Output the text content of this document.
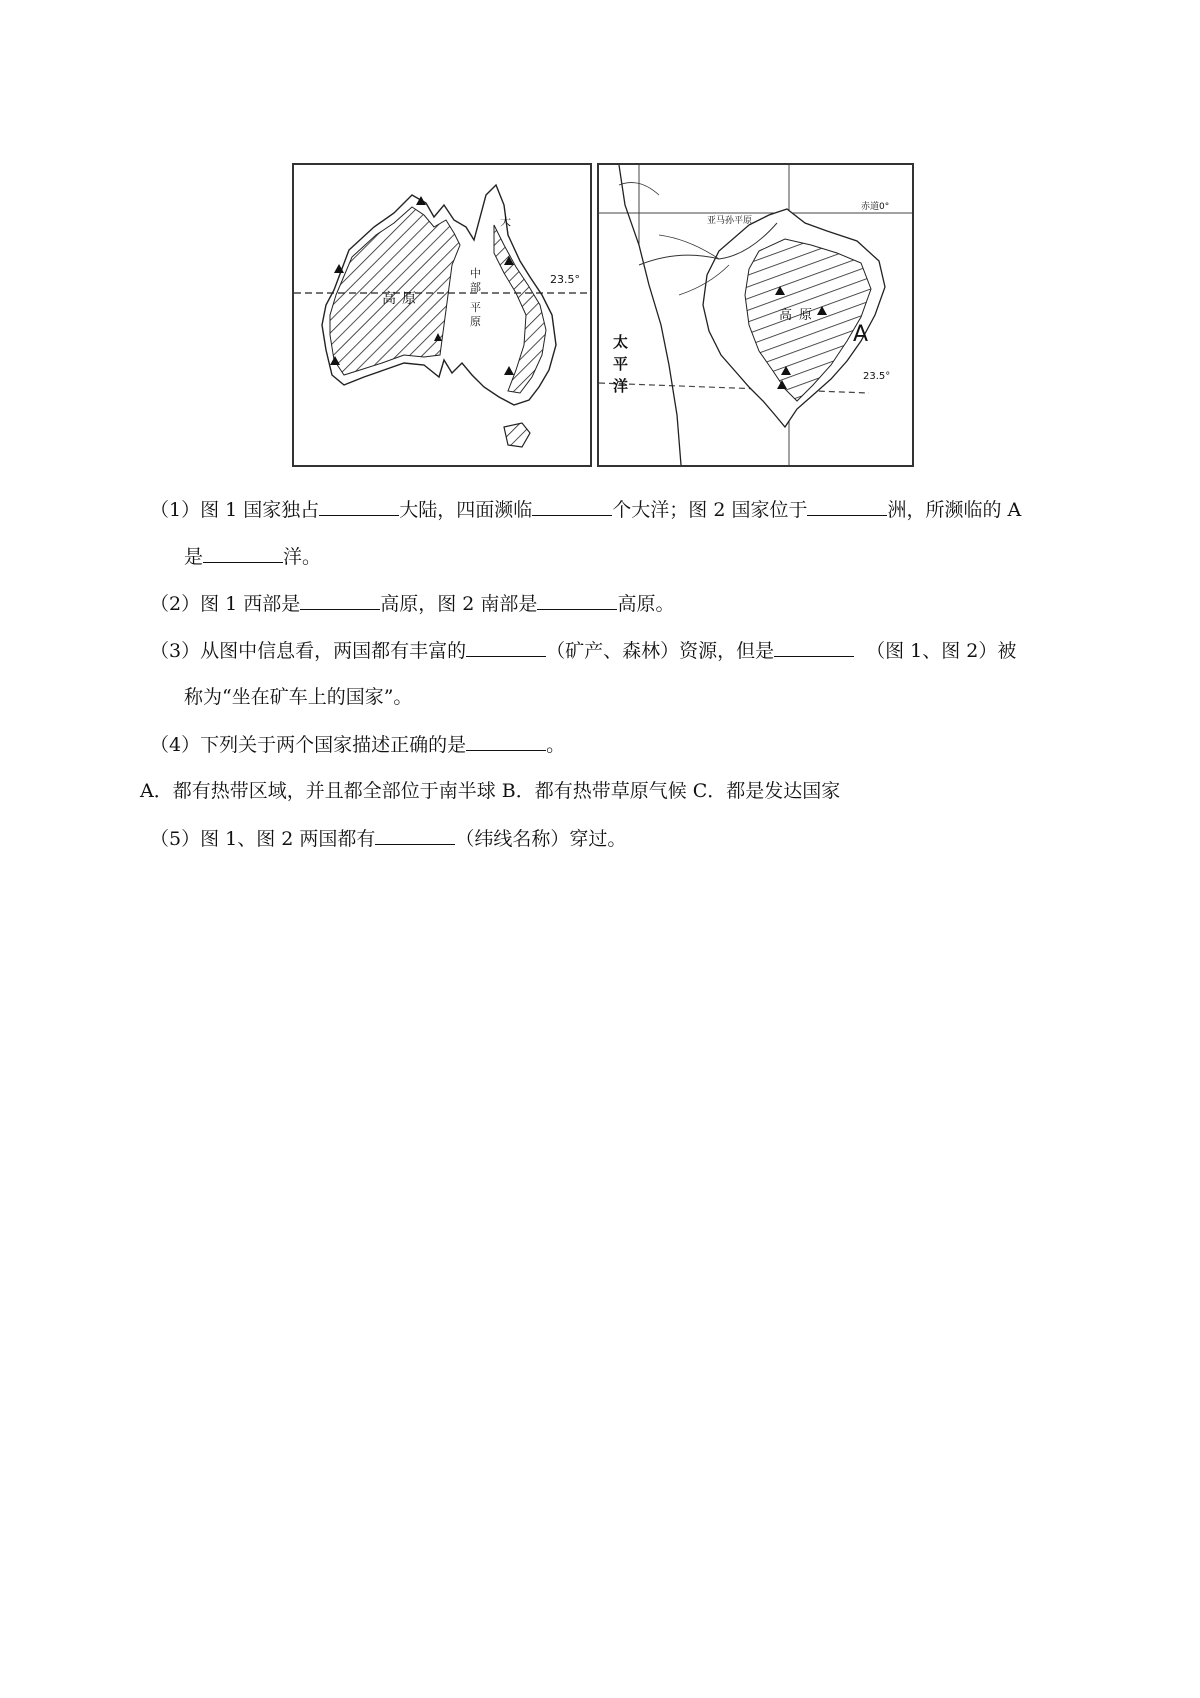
高 原
23.5°
中
部
平
原
大
赤道0°
亚马孙平原
高 原
A
太
平
洋
23.5°
（1）图 1 国家独占	大陆，四面濒临	个大洋；图 2 国家位于	洲，所濒临的 A
是	洋。
（2）图 1 西部是	高原，图 2 南部是	高原。
（3）从图中信息看，两国都有丰富的	（矿产、森林）资源，但是	（图 1、图 2）被
称为“坐在矿车上的国家”。
（4）下列关于两个国家描述正确的是	。
A．都有热带区域，并且都全部位于南半球 B．都有热带草原气候 C．都是发达国家
（5）图 1、图 2 两国都有	（纬线名称）穿过。
